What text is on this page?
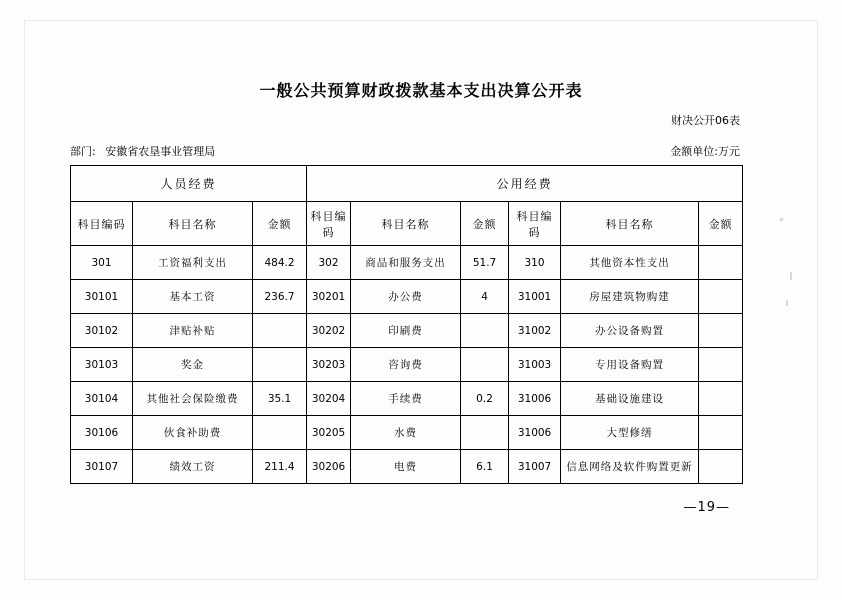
一般公共预算财政拨款基本支出决算公开表
财决公开06表
部门: 安徽省农垦事业管理局	金额单位:万元
人员经费			公用经费					
科目编码	科目名称	金额	科目编码	科目名称	金额	科目编码	科目名称	金额
301	工资福利支出	484.2	302	商品和服务支出	51.7	310	其他资本性支出	
30101	基本工资	236.7	30201	办公费	4	31001	房屋建筑物购建	
30102	津贴补贴		30202	印刷费		31002	办公设备购置	
30103	奖金		30203	咨询费		31003	专用设备购置	
30104	其他社会保险缴费	35.1	30204	手续费	0.2	31006	基础设施建设	
30106	伙食补助费		30205	水费		31006	大型修缮	
30107	绩效工资	211.4	30206	电费	6.1	31007	信息网络及软件购置更新	
—19—
